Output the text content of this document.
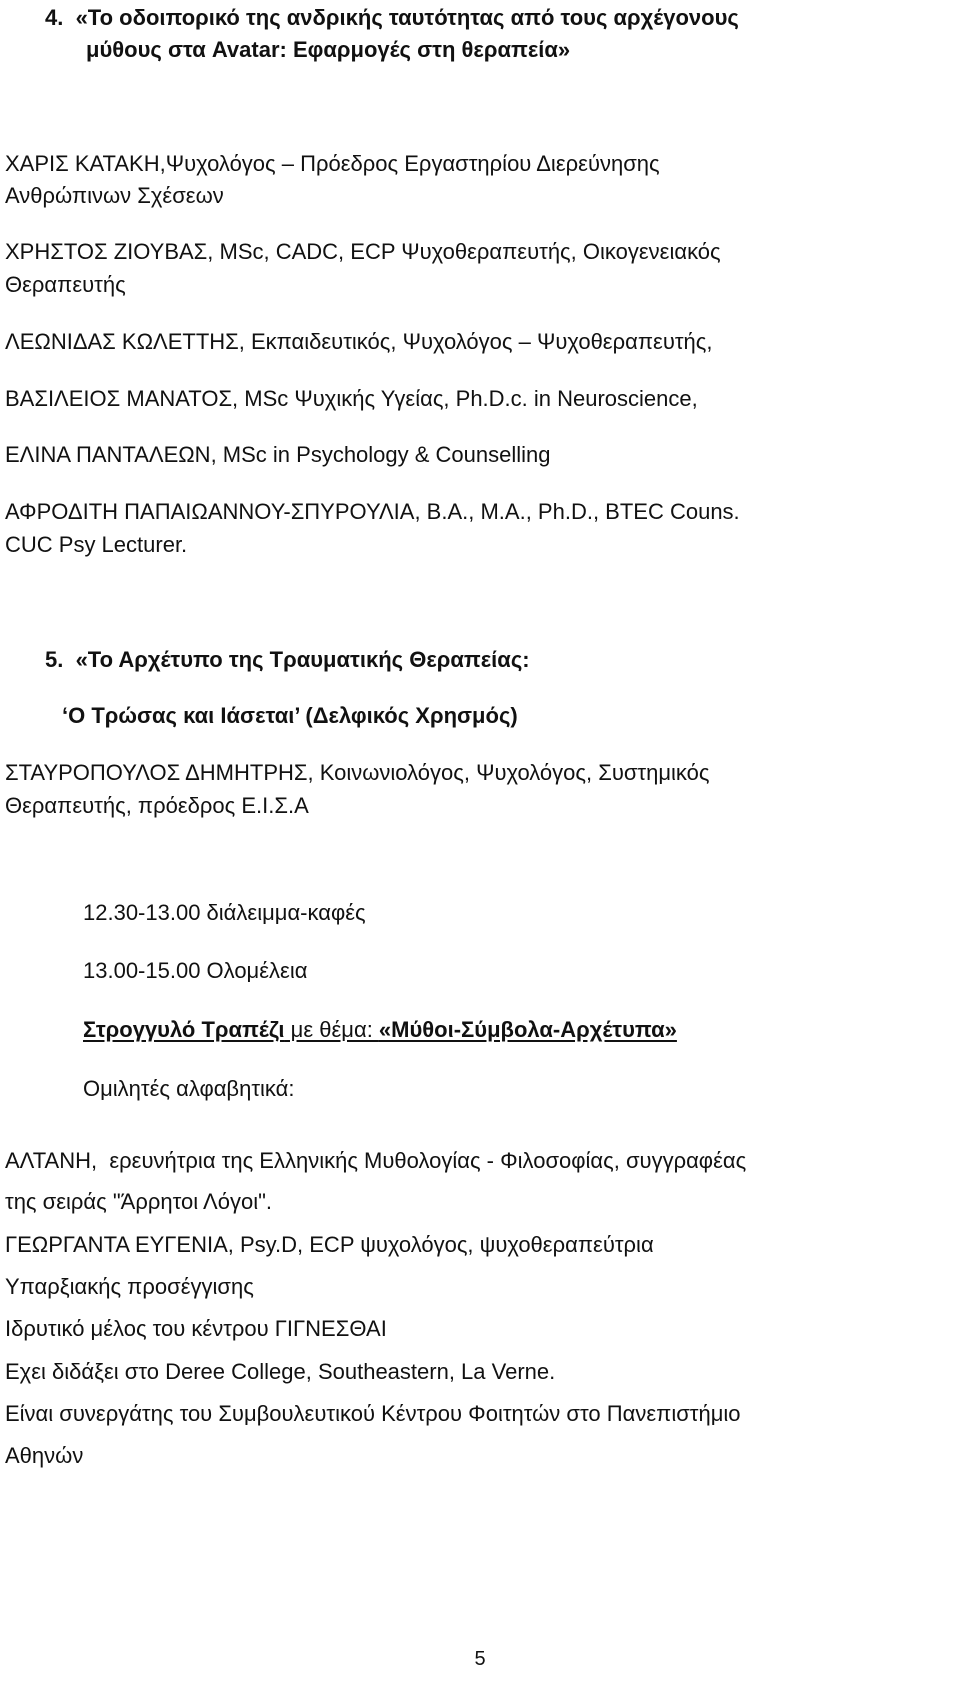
4.  «Το οδοιπορικό της ανδρικής ταυτότητας από τους αρχέγονους
μύθους στα Avatar: Εφαρμογές στη θεραπεία»
ΧΑΡΙΣ ΚΑΤΑΚΗ,Ψυχολόγος – Πρόεδρος Εργαστηρίου Διερεύνησης
Ανθρώπινων Σχέσεων
ΧΡΗΣΤΟΣ ΖΙΟΥΒΑΣ, MSc, CADC, ECP Ψυχοθεραπευτής, Οικογενειακός
Θεραπευτής
ΛΕΩΝΙΔΑΣ ΚΩΛΕΤΤΗΣ, Εκπαιδευτικός, Ψυχολόγος – Ψυχοθεραπευτής,
ΒΑΣΙΛΕΙΟΣ ΜΑΝΑΤΟΣ, MSc Ψυχικής Υγείας, Ph.D.c. in Neuroscience,
ΕΛΙΝΑ ΠΑΝΤΑΛΕΩΝ, MSc in Psychology & Counselling
ΑΦΡΟΔΙΤΗ ΠΑΠΑΙΩΑΝΝΟΥ-ΣΠΥΡΟΥΛΙΑ, B.A., M.A., Ph.D., BTEC Couns.
CUC Psy Lecturer.
5.  «Το Αρχέτυπο της Τραυματικής Θεραπείας:
‘Ο Τρώσας και Ιάσεται’ (Δελφικός Χρησμός)
ΣΤΑΥΡΟΠΟΥΛΟΣ ΔΗΜΗΤΡΗΣ, Κοινωνιολόγος, Ψυχολόγος, Συστημικός
Θεραπευτής, πρόεδρος Ε.Ι.Σ.Α
12.30-13.00 διάλειμμα-καφές
13.00-15.00 Ολομέλεια
Στρογγυλό Τραπέζι με θέμα: «Μύθοι-Σύμβολα-Αρχέτυπα»
Ομιλητές αλφαβητικά:
ΑΛΤΑΝΗ,  ερευνήτρια της Ελληνικής Μυθολογίας - Φιλοσοφίας, συγγραφέας
της σειράς "Άρρητοι Λόγοι".
ΓΕΩΡΓΑΝΤΑ ΕΥΓΕΝΙΑ, Psy.D, ECP ψυχολόγος, ψυχοθεραπεύτρια
Υπαρξιακής προσέγγισης
Ιδρυτικό μέλος του κέντρου ΓΙΓΝΕΣΘΑΙ
Εχει διδάξει στο Deree College, Southeastern, La Verne.
Είναι συνεργάτης του Συμβουλευτικού Κέντρου Φοιτητών στο Πανεπιστήμιο
Αθηνών
5
